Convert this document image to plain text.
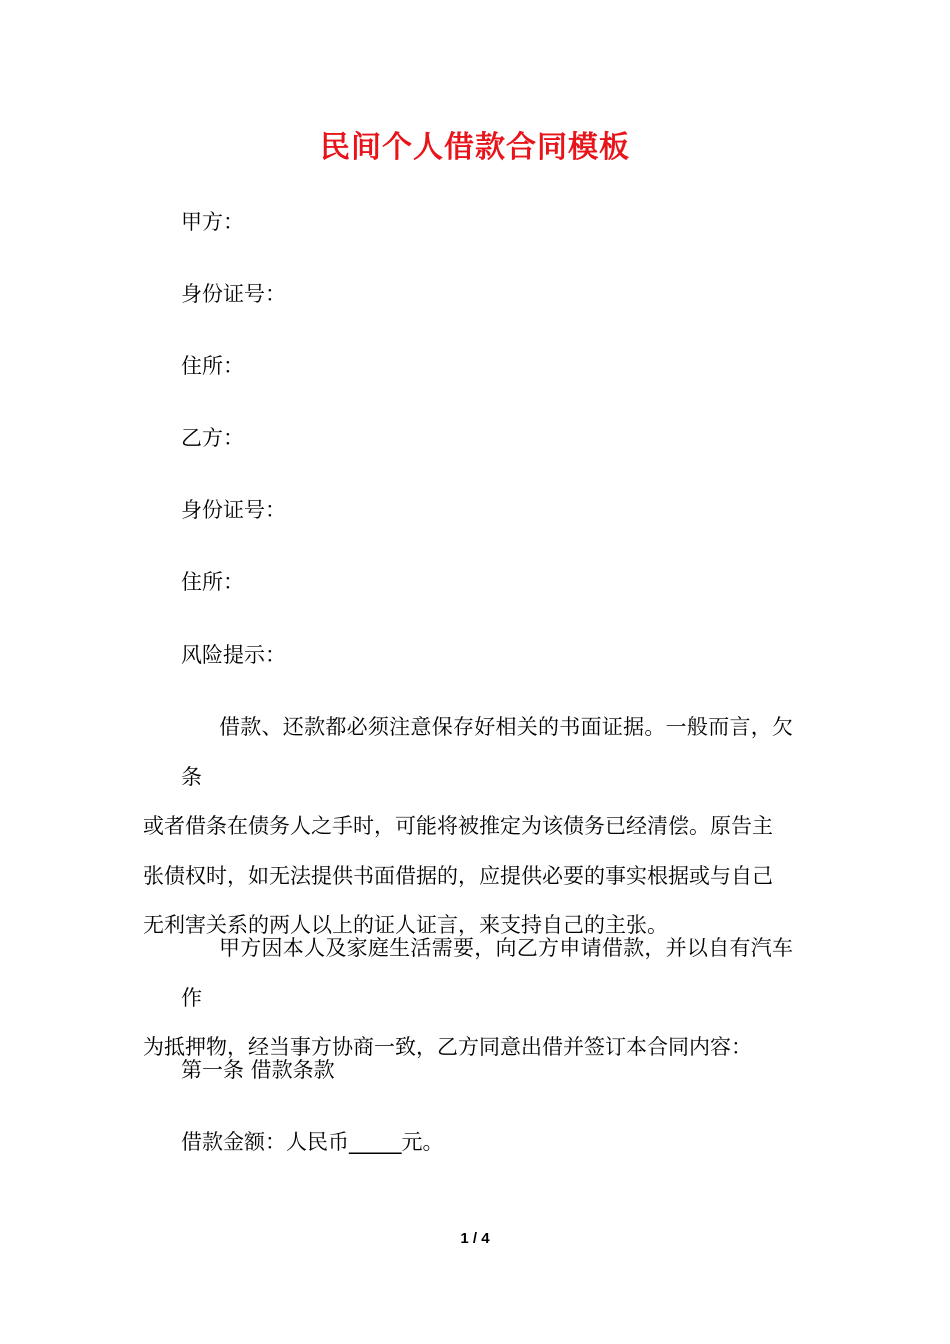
民间个人借款合同模板
甲方：
身份证号：
住所：
乙方：
身份证号：
住所：
风险提示：
借款、还款都必须注意保存好相关的书面证据。一般而言，欠条
或者借条在债务人之手时，可能将被推定为该债务已经清偿。原告主
张债权时，如无法提供书面借据的，应提供必要的事实根据或与自己
无利害关系的两人以上的证人证言，来支持自己的主张。
甲方因本人及家庭生活需要，向乙方申请借款，并以自有汽车作
为抵押物，经当事方协商一致，乙方同意出借并签订本合同内容：
第一条 借款条款
借款金额：人民币_____元。
1 / 4
